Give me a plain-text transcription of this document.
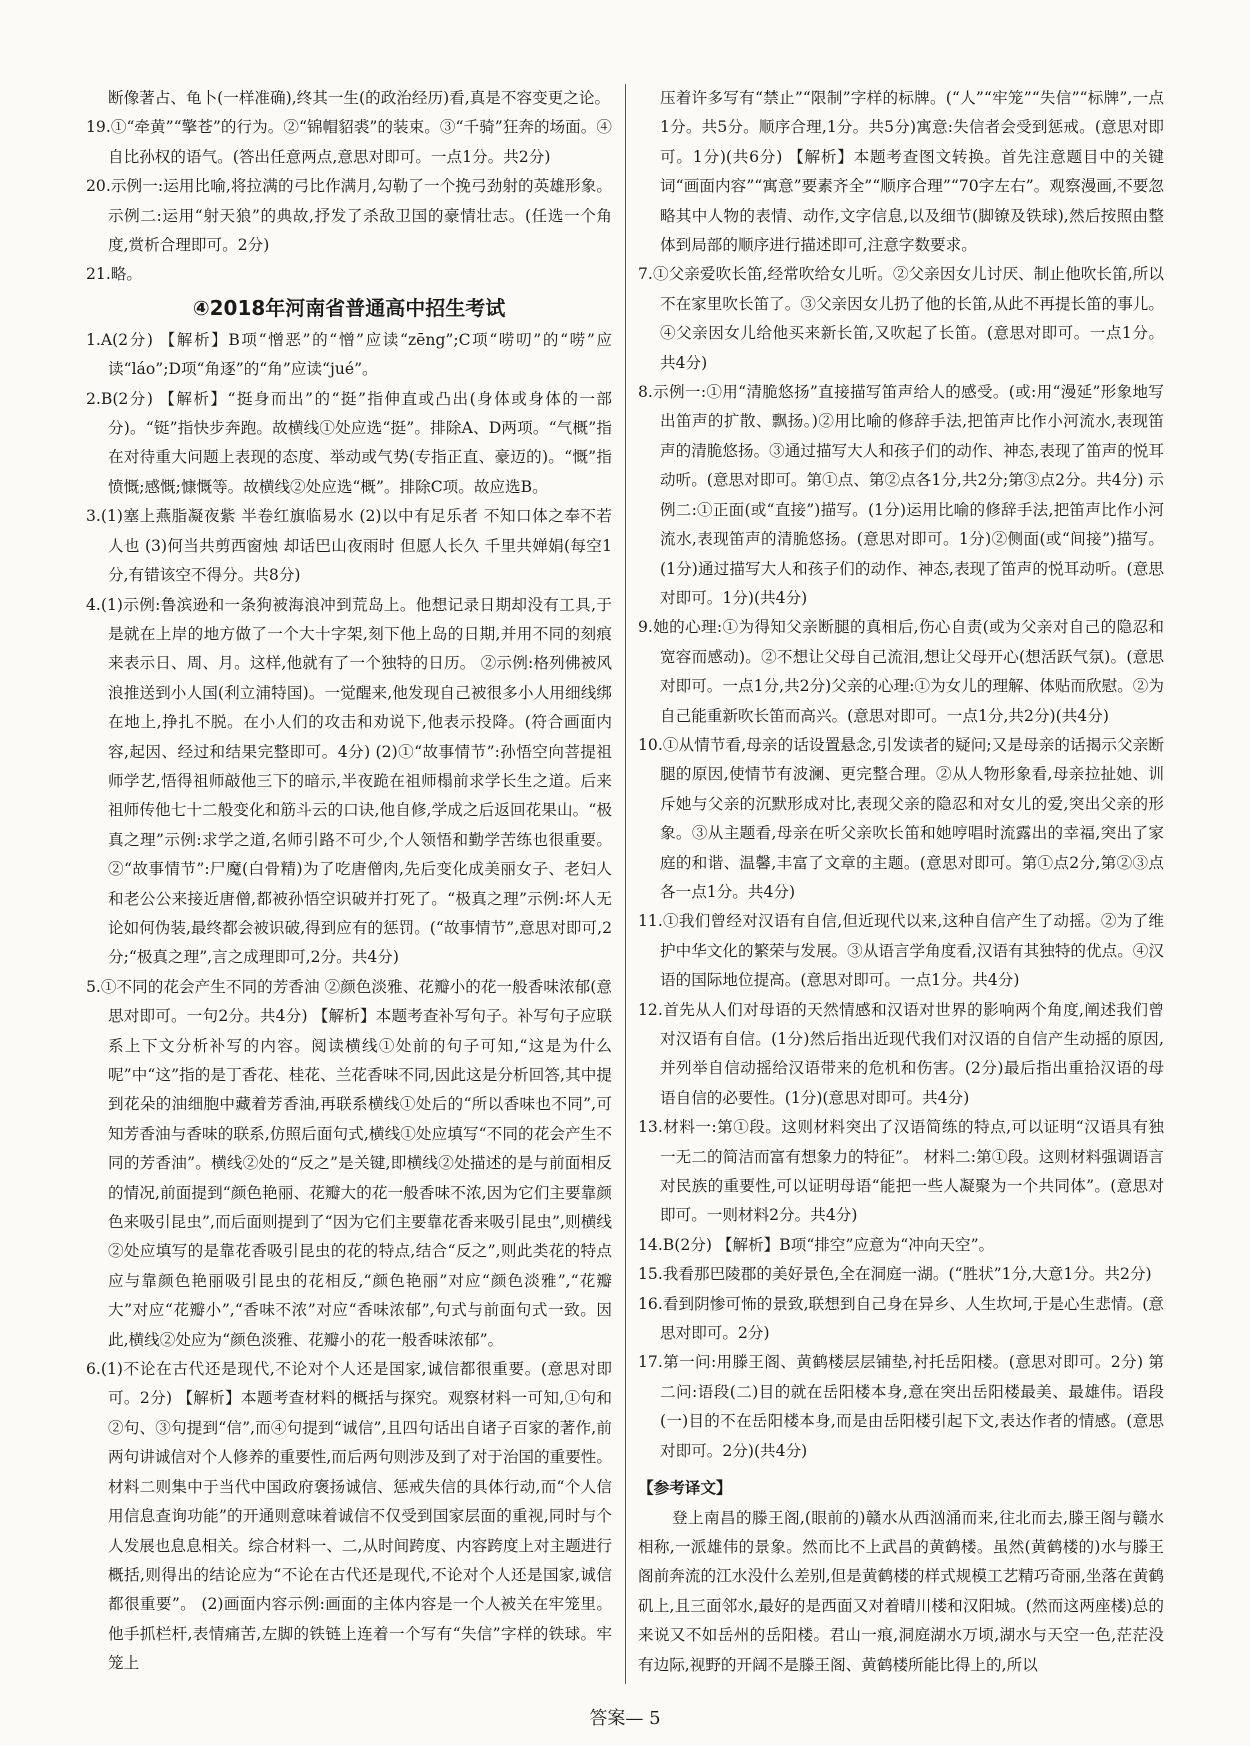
断像著占、龟卜(一样准确),终其一生(的政治经历)看,真是不容变更之论。

19.①“牵黄”“擎苍”的行为。②“锦帽貂裘”的装束。③“千骑”狂奔的场面。④自比孙权的语气。(答出任意两点,意思对即可。一点1分。共2分)

20.示例一:运用比喻,将拉满的弓比作满月,勾勒了一个挽弓劲射的英雄形象。 示例二:运用“射天狼”的典故,抒发了杀敌卫国的豪情壮志。(任选一个角度,赏析合理即可。2分)

21.略。

④2018年河南省普通高中招生考试

1.A(2分) 【解析】B项“憎恶”的“憎”应读“zēng”;C项“唠叨”的“唠”应读“láo”;D项“角逐”的“角”应读“jué”。

2.B(2分) 【解析】“挺身而出”的“挺”指伸直或凸出(身体或身体的一部分)。“铤”指快步奔跑。故横线①处应选“挺”。排除A、D两项。“气概”指在对待重大问题上表现的态度、举动或气势(专指正直、豪迈的)。“慨”指愤慨;感慨;慷慨等。故横线②处应选“概”。排除C项。故应选B。

3.(1)塞上燕脂凝夜紫 半卷红旗临易水 (2)以中有足乐者 不知口体之奉不若人也 (3)何当共剪西窗烛 却话巴山夜雨时 但愿人长久 千里共婵娟(每空1分,有错该空不得分。共8分)

4.(1)示例:鲁滨逊和一条狗被海浪冲到荒岛上。他想记录日期却没有工具,于是就在上岸的地方做了一个大十字架,刻下他上岛的日期,并用不同的刻痕来表示日、周、月。这样,他就有了一个独特的日历。 ②示例:格列佛被风浪推送到小人国(利立浦特国)。一觉醒来,他发现自己被很多小人用细线绑在地上,挣扎不脱。在小人们的攻击和劝说下,他表示投降。(符合画面内容,起因、经过和结果完整即可。4分) (2)①“故事情节”:孙悟空向菩提祖师学艺,悟得祖师敲他三下的暗示,半夜跪在祖师榻前求学长生之道。后来祖师传他七十二般变化和筋斗云的口诀,他自修,学成之后返回花果山。“极真之理”示例:求学之道,名师引路不可少,个人领悟和勤学苦练也很重要。②“故事情节”:尸魔(白骨精)为了吃唐僧肉,先后变化成美丽女子、老妇人和老公公来接近唐僧,都被孙悟空识破并打死了。“极真之理”示例:坏人无论如何伪装,最终都会被识破,得到应有的惩罚。(“故事情节”,意思对即可,2分;“极真之理”,言之成理即可,2分。共4分)

5.①不同的花会产生不同的芳香油 ②颜色淡雅、花瓣小的花一般香味浓郁(意思对即可。一句2分。共4分) 【解析】本题考查补写句子。补写句子应联系上下文分析补写的内容。阅读横线①处前的句子可知,“这是为什么呢”中“这”指的是丁香花、桂花、兰花香味不同,因此这是分析回答,其中提到花朵的油细胞中藏着芳香油,再联系横线①处后的“所以香味也不同”,可知芳香油与香味的联系,仿照后面句式,横线①处应填写“不同的花会产生不同的芳香油”。横线②处的“反之”是关键,即横线②处描述的是与前面相反的情况,前面提到“颜色艳丽、花瓣大的花一般香味不浓,因为它们主要靠颜色来吸引昆虫”,而后面则提到了“因为它们主要靠花香来吸引昆虫”,则横线②处应填写的是靠花香吸引昆虫的花的特点,结合“反之”,则此类花的特点应与靠颜色艳丽吸引昆虫的花相反,“颜色艳丽”对应“颜色淡雅”,“花瓣大”对应“花瓣小”,“香味不浓”对应“香味浓郁”,句式与前面句式一致。因此,横线②处应为“颜色淡雅、花瓣小的花一般香味浓郁”。

6.(1)不论在古代还是现代,不论对个人还是国家,诚信都很重要。(意思对即可。2分) 【解析】本题考查材料的概括与探究。观察材料一可知,①句和②句、③句提到“信”,而④句提到“诚信”,且四句话出自诸子百家的著作,前两句讲诚信对个人修养的重要性,而后两句则涉及到了对于治国的重要性。材料二则集中于当代中国政府褒扬诚信、惩戒失信的具体行动,而“个人信用信息查询功能”的开通则意味着诚信不仅受到国家层面的重视,同时与个人发展也息息相关。综合材料一、二,从时间跨度、内容跨度上对主题进行概括,则得出的结论应为“不论在古代还是现代,不论对个人还是国家,诚信都很重要”。 (2)画面内容示例:画面的主体内容是一个人被关在牢笼里。他手抓栏杆,表情痛苦,左脚的铁链上连着一个写有“失信”字样的铁球。牢笼上

压着许多写有“禁止”“限制”字样的标牌。(“人”“牢笼”“失信”“标牌”,一点1分。共5分。顺序合理,1分。共5分)寓意:失信者会受到惩戒。(意思对即可。1分)(共6分) 【解析】本题考查图文转换。首先注意题目中的关键词“画面内容”“寓意”要素齐全”“顺序合理”“70字左右”。观察漫画,不要忽略其中人物的表情、动作,文字信息,以及细节(脚镣及铁球),然后按照由整体到局部的顺序进行描述即可,注意字数要求。

7.①父亲爱吹长笛,经常吹给女儿听。②父亲因女儿讨厌、制止他吹长笛,所以不在家里吹长笛了。③父亲因女儿扔了他的长笛,从此不再提长笛的事儿。④父亲因女儿给他买来新长笛,又吹起了长笛。(意思对即可。一点1分。共4分)

8.示例一:①用“清脆悠扬”直接描写笛声给人的感受。(或:用“漫延”形象地写出笛声的扩散、飘扬。)②用比喻的修辞手法,把笛声比作小河流水,表现笛声的清脆悠扬。③通过描写大人和孩子们的动作、神态,表现了笛声的悦耳动听。(意思对即可。第①点、第②点各1分,共2分;第③点2分。共4分) 示例二:①正面(或“直接”)描写。(1分)运用比喻的修辞手法,把笛声比作小河流水,表现笛声的清脆悠扬。(意思对即可。1分)②侧面(或“间接”)描写。(1分)通过描写大人和孩子们的动作、神态,表现了笛声的悦耳动听。(意思对即可。1分)(共4分)

9.她的心理:①为得知父亲断腿的真相后,伤心自责(或为父亲对自己的隐忍和宽容而感动)。②不想让父母自己流泪,想让父母开心(想活跃气氛)。(意思对即可。一点1分,共2分)父亲的心理:①为女儿的理解、体贴而欣慰。②为自己能重新吹长笛而高兴。(意思对即可。一点1分,共2分)(共4分)

10.①从情节看,母亲的话设置悬念,引发读者的疑问;又是母亲的话揭示父亲断腿的原因,使情节有波澜、更完整合理。②从人物形象看,母亲拉扯她、训斥她与父亲的沉默形成对比,表现父亲的隐忍和对女儿的爱,突出父亲的形象。③从主题看,母亲在听父亲吹长笛和她哼唱时流露出的幸福,突出了家庭的和谐、温馨,丰富了文章的主题。(意思对即可。第①点2分,第②③点各一点1分。共4分)

11.①我们曾经对汉语有自信,但近现代以来,这种自信产生了动摇。②为了维护中华文化的繁荣与发展。③从语言学角度看,汉语有其独特的优点。④汉语的国际地位提高。(意思对即可。一点1分。共4分)

12.首先从人们对母语的天然情感和汉语对世界的影响两个角度,阐述我们曾对汉语有自信。(1分)然后指出近现代我们对汉语的自信产生动摇的原因,并列举自信动摇给汉语带来的危机和伤害。(2分)最后指出重拾汉语的母语自信的必要性。(1分)(意思对即可。共4分)

13.材料一:第①段。这则材料突出了汉语简练的特点,可以证明“汉语具有独一无二的简洁而富有想象力的特征”。 材料二:第①段。这则材料强调语言对民族的重要性,可以证明母语“能把一些人凝聚为一个共同体”。(意思对即可。一则材料2分。共4分)

14.B(2分) 【解析】B项“排空”应意为“冲向天空”。

15.我看那巴陵郡的美好景色,全在洞庭一湖。(“胜状”1分,大意1分。共2分)

16.看到阴惨可怖的景致,联想到自己身在异乡、人生坎坷,于是心生悲情。(意思对即可。2分)

17.第一问:用滕王阁、黄鹤楼层层铺垫,衬托岳阳楼。(意思对即可。2分) 第二问:语段(二)目的就在岳阳楼本身,意在突出岳阳楼最美、最雄伟。语段(一)目的不在岳阳楼本身,而是由岳阳楼引起下文,表达作者的情感。(意思对即可。2分)(共4分)

【参考译文】

登上南昌的滕王阁,(眼前的)赣水从西汹涌而来,往北而去,滕王阁与赣水相称,一派雄伟的景象。然而比不上武昌的黄鹤楼。虽然(黄鹤楼的)水与滕王阁前奔流的江水没什么差别,但是黄鹤楼的样式规模工艺精巧奇丽,坐落在黄鹤矶上,且三面邻水,最好的是西面又对着晴川楼和汉阳城。(然而这两座楼)总的来说又不如岳州的岳阳楼。君山一痕,洞庭湖水万顷,湖水与天空一色,茫茫没有边际,视野的开阔不是滕王阁、黄鹤楼所能比得上的,所以

答案— 5
